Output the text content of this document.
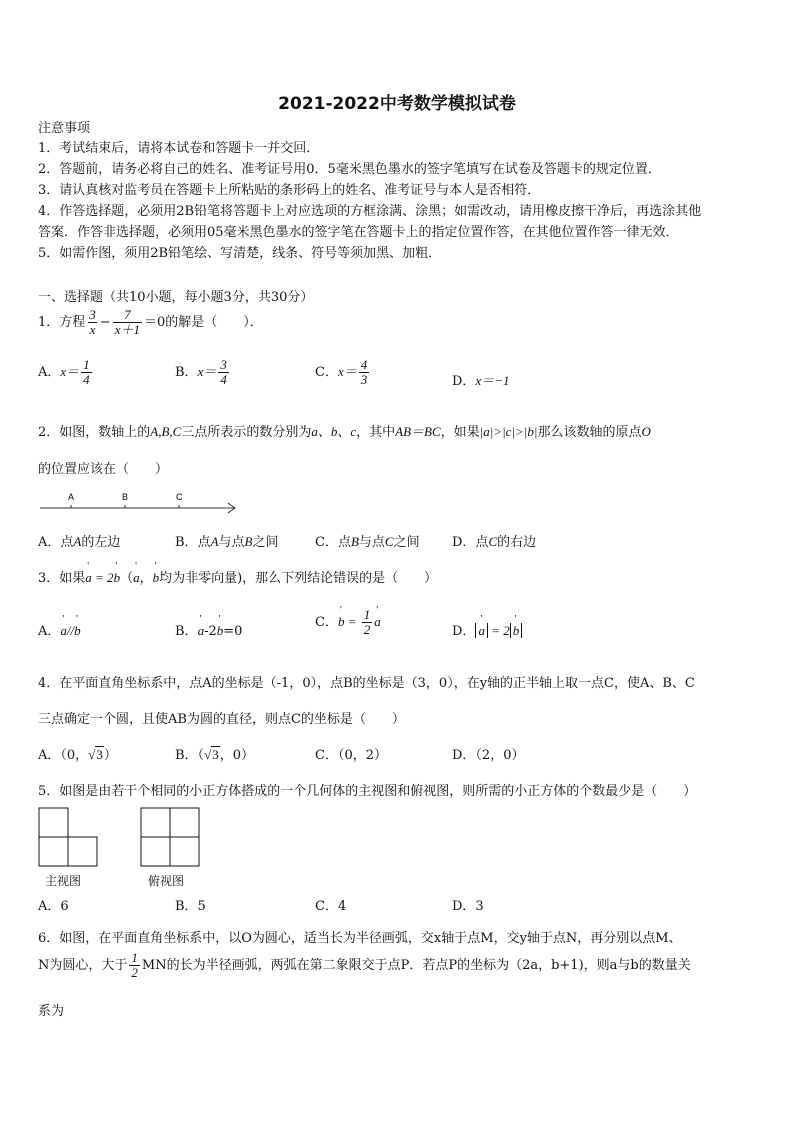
2021-2022中考数学模拟试卷
注意事项
1．考试结束后，请将本试卷和答题卡一并交回．
2．答题前，请务必将自己的姓名、准考证号用0．5毫米黑色墨水的签字笔填写在试卷及答题卡的规定位置．
3．请认真核对监考员在答题卡上所粘贴的条形码上的姓名、准考证号与本人是否相符．
4．作答选择题，必须用2B铅笔将答题卡上对应选项的方框涂满、涂黑；如需改动，请用橡皮擦干净后，再选涂其他
答案．作答非选择题，必须用05毫米黑色墨水的签字笔在答题卡上的指定位置作答，在其他位置作答一律无效．
5．如需作图，须用2B铅笔绘、写清楚，线条、符号等须加黑、加粗．
一、选择题（共10小题，每小题3分，共30分）
1．方程 $\frac{3}{x} - \frac{7}{x+1} =0$的解是（　　）．
A．$x= \frac{1}{4}$	B．$x= \frac{3}{4}$	C．$x= \frac{4}{3}$	D．x＝−1
2．如图，数轴上的A,B,C三点所表示的数分别为a、b、c，其中AB＝BC，如果|a|>|c|>|b|那么该数轴的原点O
的位置应该在（　　）
A	B	C
A．点A的左边	B．点A与点B之间	C．点B与点C之间 D．点C的右边
3．如果' a = 2' b（' a，' b均为非零向量)，那么下列结论错误的是（　　）
A．' a//' b	B．' a-2' b=0
C．' $b = \frac{1}{2}$ ' a
D． ' a = 2 ' b
4．在平面直角坐标系中，点A的坐标是（-1，0），点B的坐标是（3，0），在y轴的正半轴上取一点C，使A、B、C
三点确定一个圆，且使AB为圆的直径，则点C的坐标是（　　）
A．（0，√3）	B．（√3，0）	C．（0，2）	D．（2，0）
5．如图是由若干个相同的小正方体搭成的一个几何体的主视图和俯视图，则所需的小正方体的个数最少是（　　）
主视图	俯视图
A．6	B．5	C．4	D．3
6．如图，在平面直角坐标系中，以O为圆心，适当长为半径画弧，交x轴于点M，交y轴于点N，再分别以点M、
N为圆心，大于 $\frac{1}{2}$ MN的长为半径画弧，两弧在第二象限交于点P．若点P的坐标为（2a，b+1)，则a与b的数量关
系为
